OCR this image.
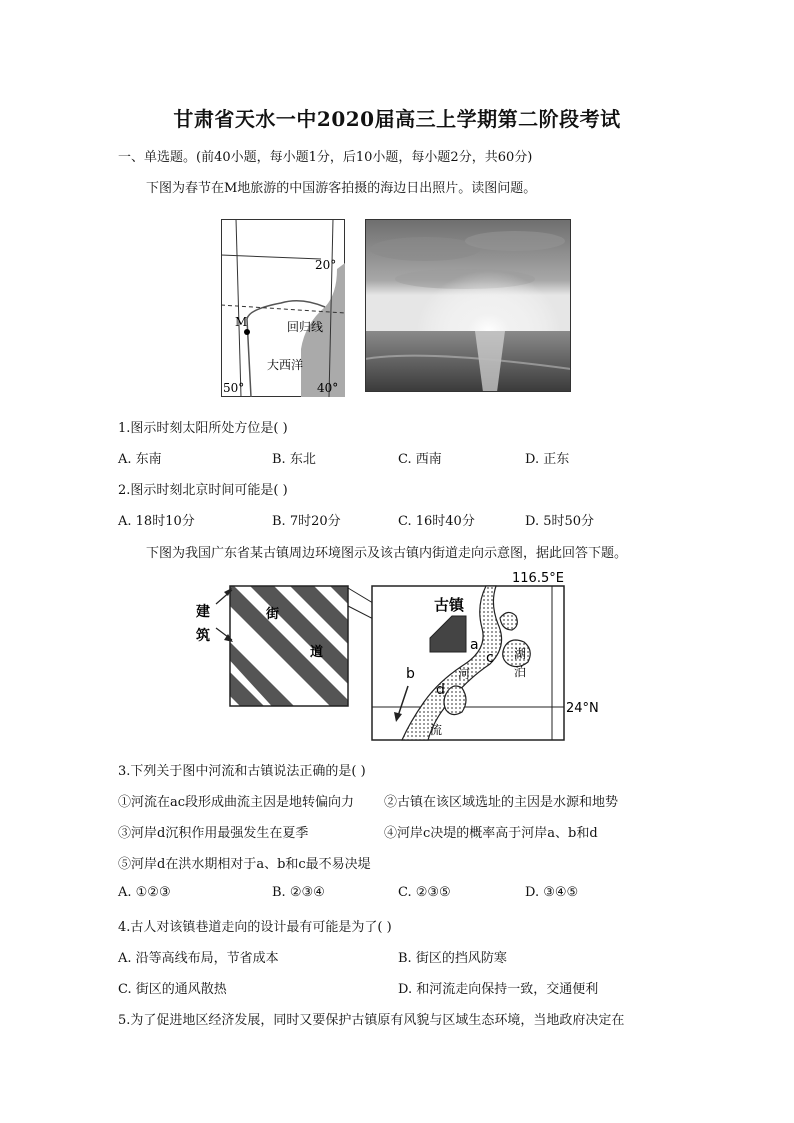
甘肃省天水一中2020届高三上学期第二阶段考试
一、单选题。(前40小题，每小题1分，后10小题，每小题2分，共60分)
下图为春节在M地旅游的中国游客拍摄的海边日出照片。读图问题。
20°
M	回归线
大西洋
50°	40°
1.图示时刻太阳所处方位是( )
A. 东南	B. 东北	C. 西南	D. 正东
2.图示时刻北京时间可能是( )
A. 18时10分	B. 7时20分	C. 16时40分	D. 5时50分
下图为我国广东省某古镇周边环境图示及该古镇内街道走向示意图，据此回答下题。
建
筑
街
道
116.5°E
24°N
古镇
a
c
b
d
湖
泊
河
流
3.下列关于图中河流和古镇说法正确的是( )
①河流在ac段形成曲流主因是地转偏向力 ②古镇在该区域选址的主因是水源和地势
③河岸d沉积作用最强发生在夏季	④河岸c决堤的概率高于河岸a、b和d
⑤河岸d在洪水期相对于a、b和c最不易决堤
A. ①②③	B. ②③④	C. ②③⑤	D. ③④⑤
4.古人对该镇巷道走向的设计最有可能是为了( )
A. 沿等高线布局，节省成本	B. 街区的挡风防寒
C. 街区的通风散热	D. 和河流走向保持一致，交通便利
5.为了促进地区经济发展，同时又要保护古镇原有风貌与区域生态环境，当地政府决定在
